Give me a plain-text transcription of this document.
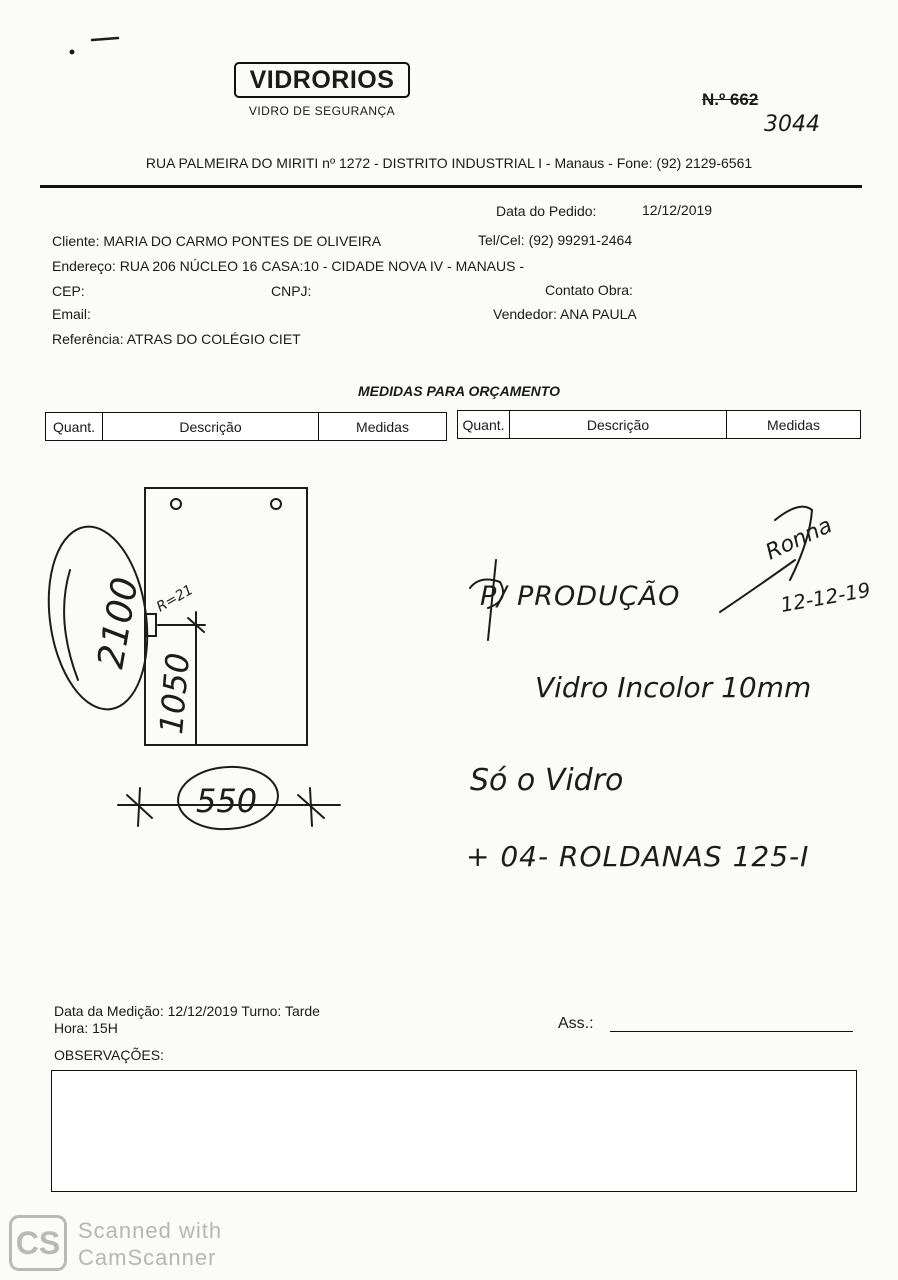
VIDRORIOS
VIDRO DE SEGURANÇA
N.º 662
3044
RUA PALMEIRA DO MIRITI nº 1272 - DISTRITO INDUSTRIAL I - Manaus - Fone: (92) 2129-6561
Data do Pedido:	12/12/2019
Cliente: MARIA DO CARMO PONTES DE OLIVEIRA	Tel/Cel: (92) 99291-2464
Endereço: RUA 206 NÚCLEO 16 CASA:10 - CIDADE NOVA IV - MANAUS -
CEP:	CNPJ:	Contato Obra:
Email:	Vendedor: ANA PAULA
Referência: ATRAS DO COLÉGIO CIET
MEDIDAS PARA ORÇAMENTO
Quant.	Descrição	Medidas	Quant.	Descrição	Medidas
2100
1050
R=21
550
P/ PRODUÇÃO
Ronna
12-12-19
Vidro Incolor 10mm
Só o Vidro
+ 04- ROLDANAS 125-I
Data da Medição: 12/12/2019 Turno: Tarde
Hora: 15H	Ass.:
OBSERVAÇÕES:
CS Scanned with
CamScanner
